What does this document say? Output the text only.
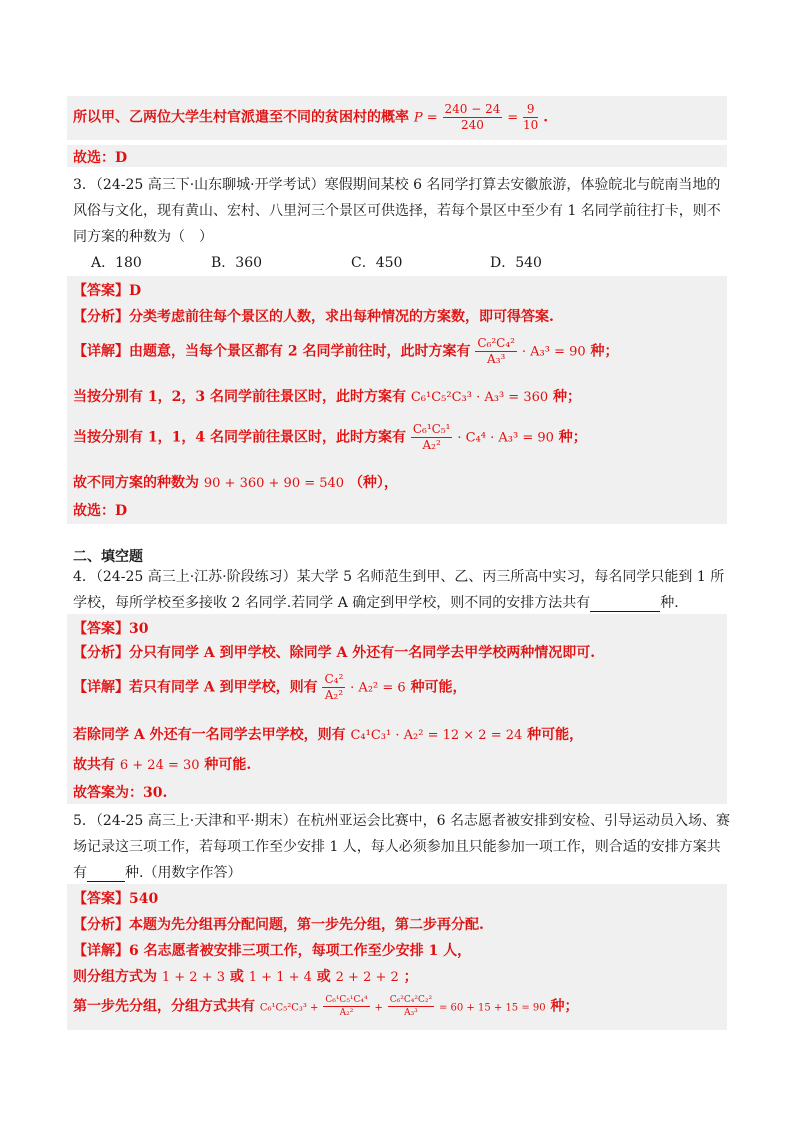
所以甲、乙两位大学生村官派遣至不同的贫困村的概率 $P = \frac{240 - 24}{240} = \frac{9}{10}$ .
故选：D
3．（24-25 高三下·山东聊城·开学考试）寒假期间某校 6 名同学打算去安徽旅游，体验皖北与皖南当地的
风俗与文化，现有黄山、宏村、八里河三个景区可供选择，若每个景区中至少有 1 名同学前往打卡，则不
同方案的种数为（　）
A．180	B．360	C．450	D．540
【答案】D
【分析】分类考虑前往每个景区的人数，求出每种情况的方案数，即可得答案.
【详解】由题意，当每个景区都有 2 名同学前往时，此时方案有 $\frac{\text{C₆²C₄²}}{\text{A₃³}} \cdot A_3^3 = 90$ 种；
当按分别有 1，2，3 名同学前往景区时，此时方案有 C₆¹C₅²C₃³ · A₃³ = 360 种；
当按分别有 1，1，4 名同学前往景区时，此时方案有 $\frac{\text{C₆¹C₅¹}}{\text{A₂²}} \cdot C_4^4 \cdot A_3^3 = 90$ 种；
故不同方案的种数为 90 + 360 + 90 = 540 （种），
故选：D
二、填空题
4．（24-25 高三上·江苏·阶段练习）某大学 5 名师范生到甲、乙、丙三所高中实习，每名同学只能到 1 所
学校，每所学校至多接收 2 名同学.若同学 A 确定到甲学校，则不同的安排方法共有	种.
【答案】30
【分析】分只有同学 A 到甲学校、除同学 A 外还有一名同学去甲学校两种情况即可.
【详解】若只有同学 A 到甲学校，则有 $\frac{\text{C₄²}}{\text{A₂²}} \cdot A_2^2 = 6$ 种可能，
若除同学 A 外还有一名同学去甲学校，则有 C₄¹C₃¹ · A₂² = 12 × 2 = 24 种可能，
故共有 6 + 24 = 30 种可能.
故答案为：30.
5．（24-25 高三上·天津和平·期末）在杭州亚运会比赛中，6 名志愿者被安排到安检、引导运动员入场、赛
场记录这三项工作，若每项工作至少安排 1 人，每人必须参加且只能参加一项工作，则合适的安排方案共
有	种.（用数字作答）
【答案】540
【分析】本题为先分组再分配问题，第一步先分组，第二步再分配.
【详解】6 名志愿者被安排三项工作，每项工作至少安排 1 人，
则分组方式为 1 + 2 + 3 或 1 + 1 + 4 或 2 + 2 + 2 ；
第一步先分组，分组方式共有 $C_6^1C_5^2C_3^3 + \frac{\text{C₆¹C₅¹C₄⁴}}{\text{A₂²}} + \frac{\text{C₆²C₄²C₂²}}{\text{A₃³}} = 60 + 15 + 15 = 90$ 种；
